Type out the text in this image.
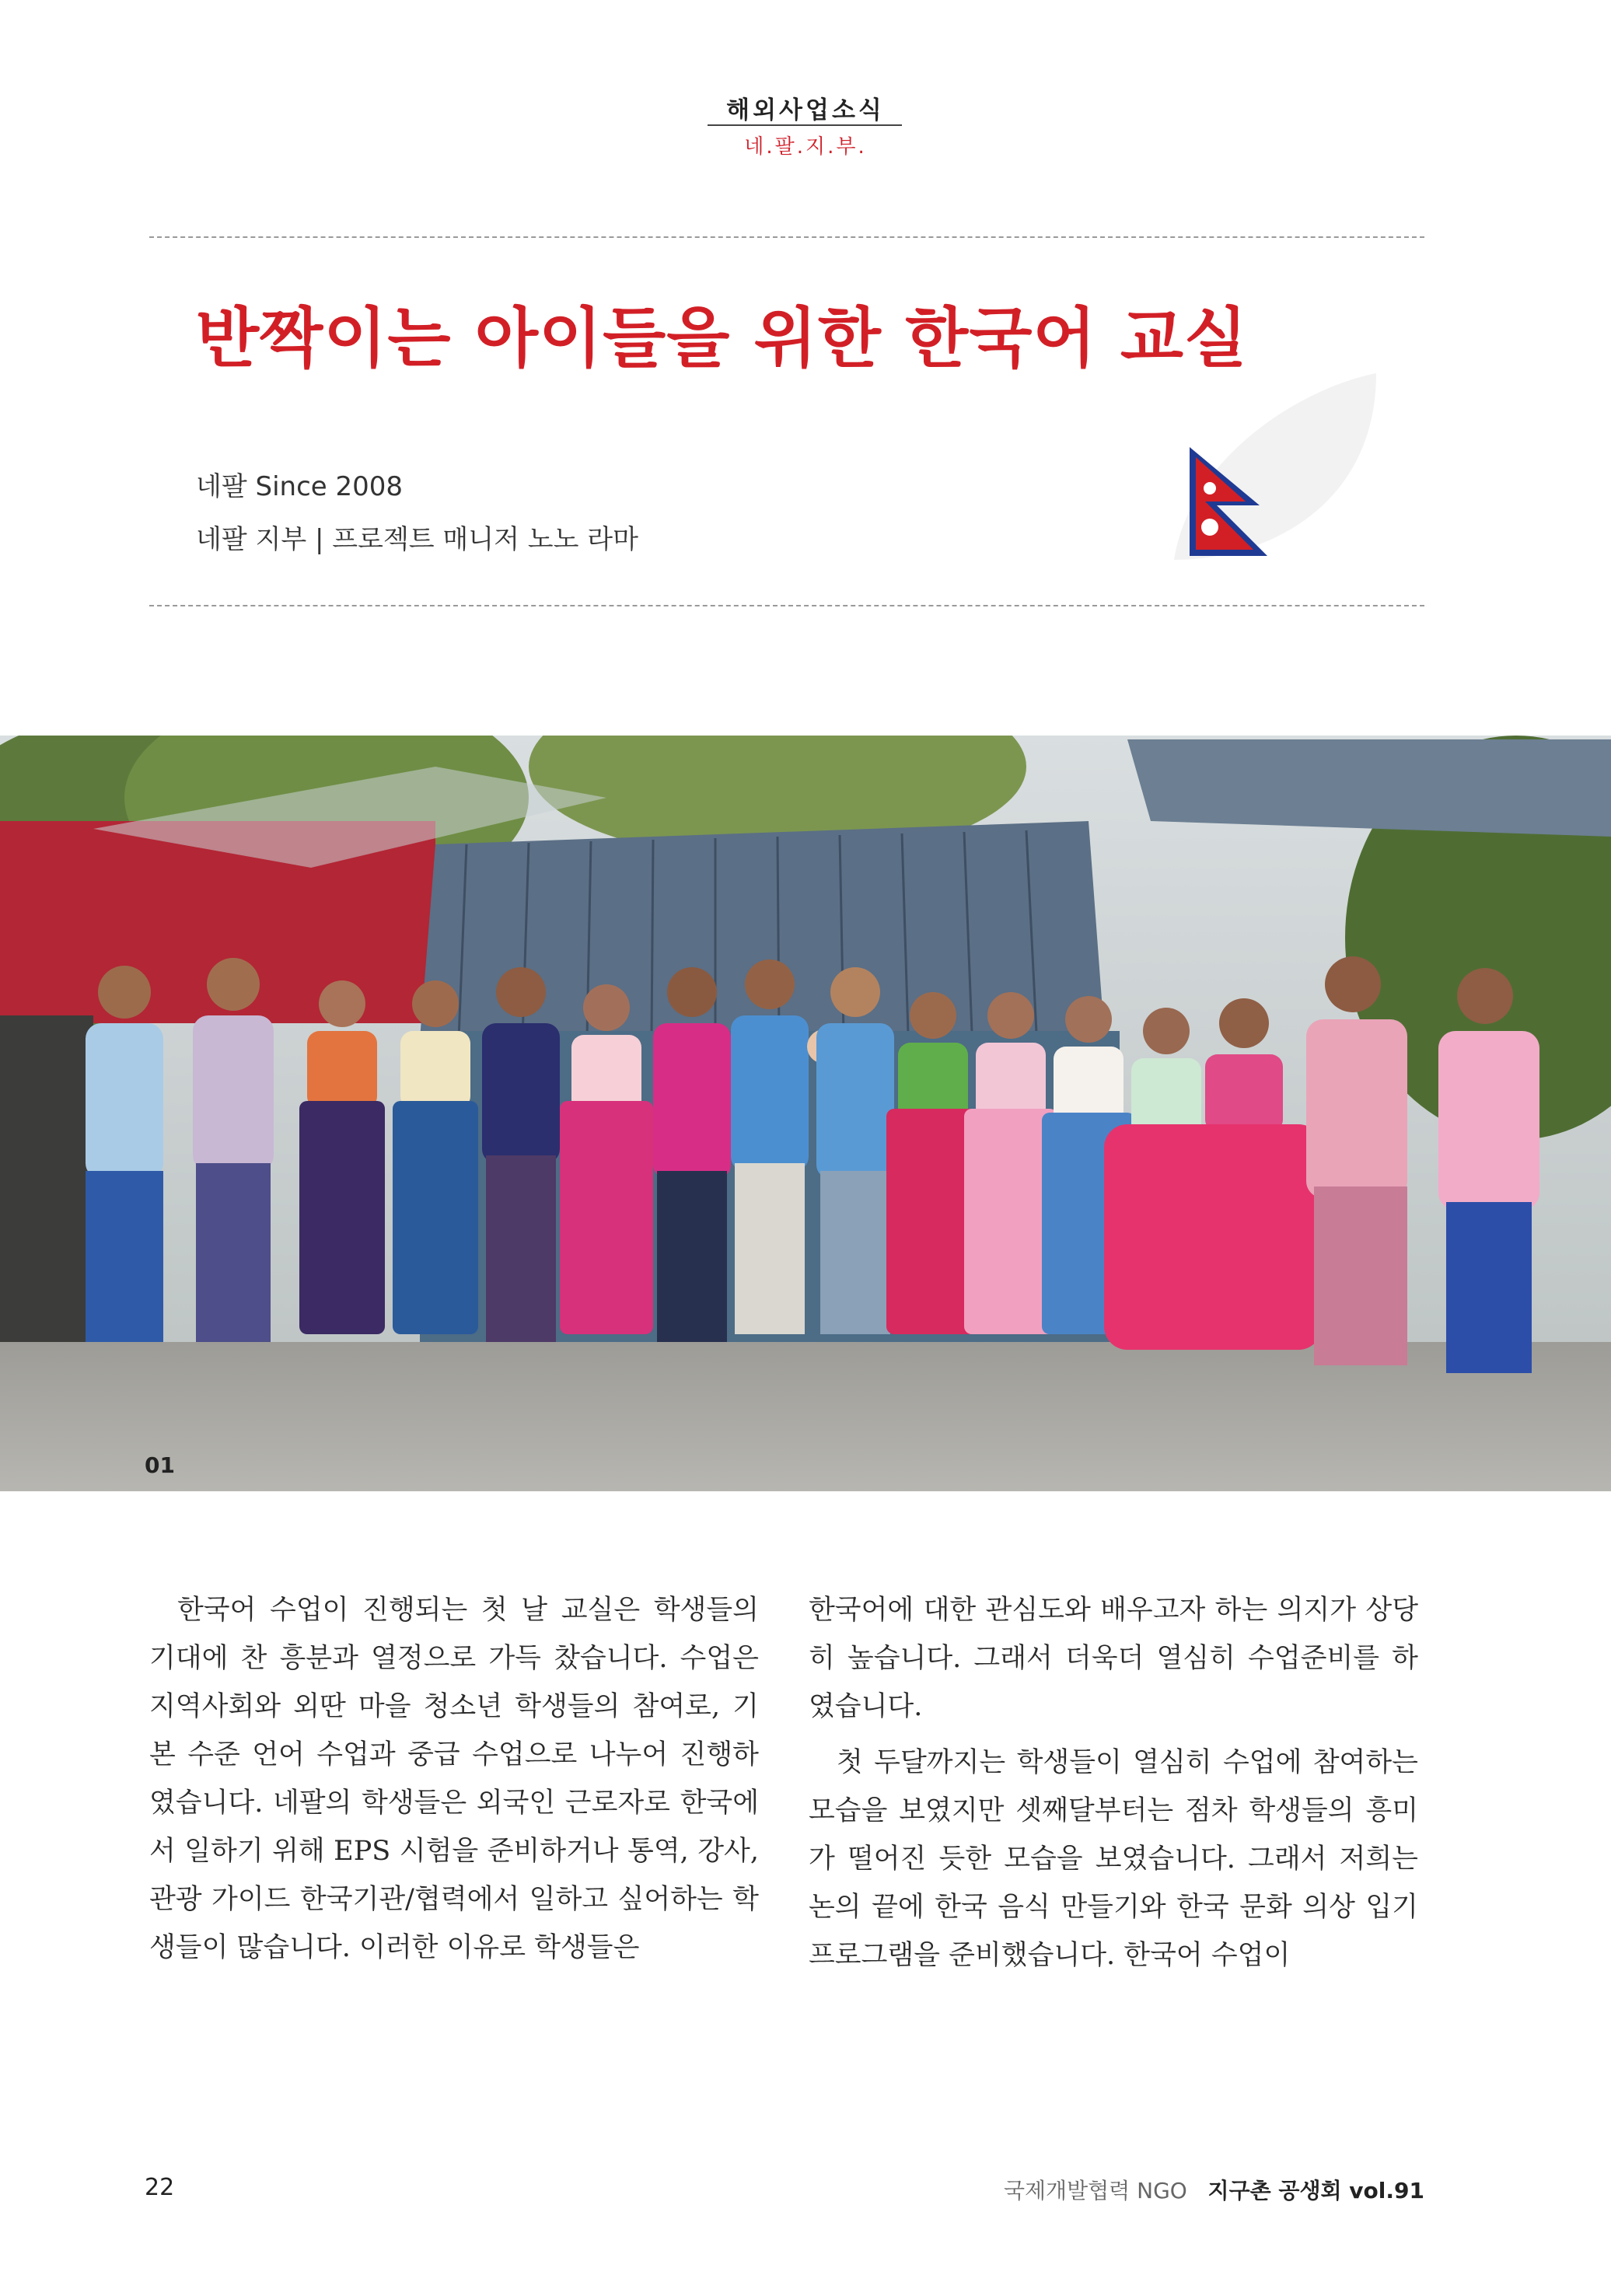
해외사업소식
네.팔.지.부.
반짝이는 아이들을 위한 한국어 교실
네팔 Since 2008
네팔 지부 | 프로젝트 매니저 노노 라마
01

한국어 수업이 진행되는 첫 날 교실은 학생들의 기대에 찬 흥분과 열정으로 가득 찼습니다. 수업은 지역사회와 외딴 마을 청소년 학생들의 참여로, 기본 수준 언어 수업과 중급 수업으로 나누어 진행하였습니다. 네팔의 학생들은 외국인 근로자로 한국에서 일하기 위해 EPS 시험을 준비하거나 통역, 강사, 관광 가이드 한국기관/협력에서 일하고 싶어하는 학생들이 많습니다. 이러한 이유로 학생들은

한국어에 대한 관심도와 배우고자 하는 의지가 상당히 높습니다. 그래서 더욱더 열심히 수업준비를 하였습니다.

첫 두달까지는 학생들이 열심히 수업에 참여하는 모습을 보였지만 셋째달부터는 점차 학생들의 흥미가 떨어진 듯한 모습을 보였습니다. 그래서 저희는 논의 끝에 한국 음식 만들기와 한국 문화 의상 입기 프로그램을 준비했습니다. 한국어 수업이

22	국제개발협력 NGO 지구촌 공생회 vol.91
